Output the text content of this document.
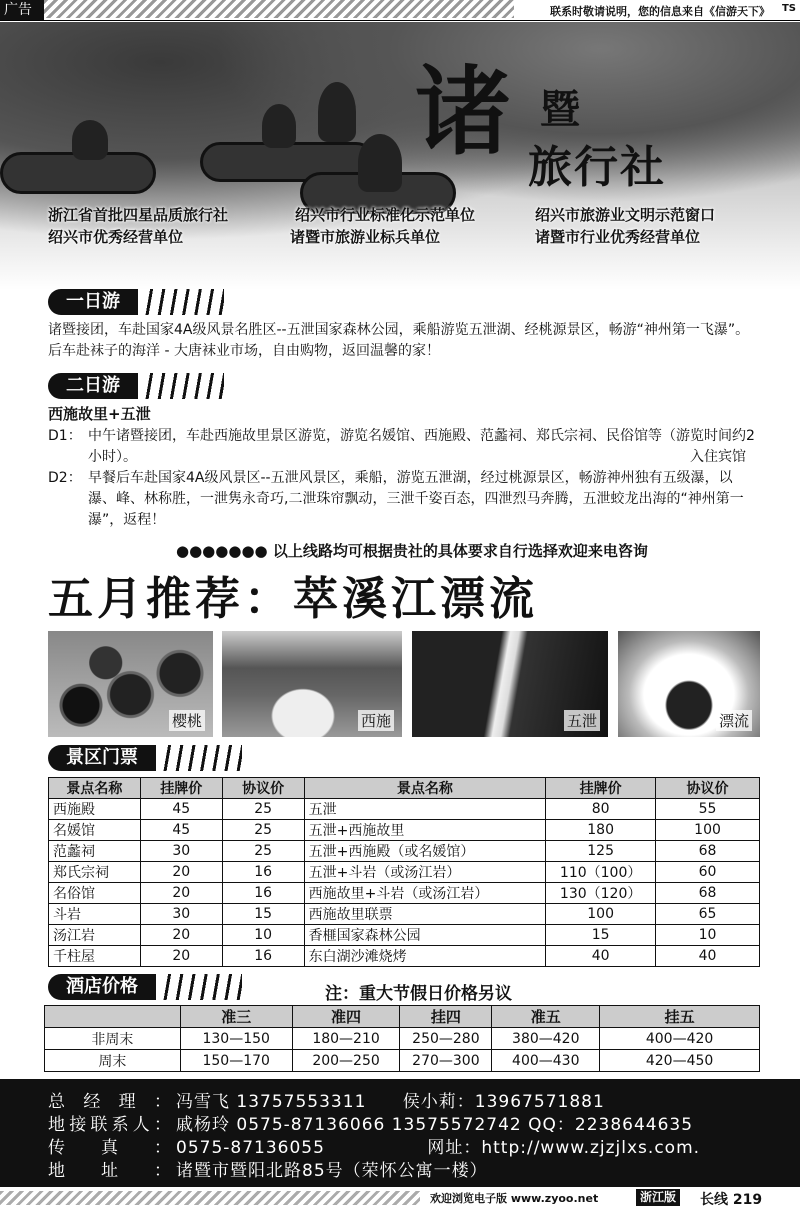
广告	联系时敬请说明，您的信息来自《信游天下》 TS
诸 暨
旅行社
浙江省首批四星品质旅行社
绍兴市优秀经营单位
绍兴市行业标准化示范单位
诸暨市旅游业标兵单位
绍兴市旅游业文明示范窗口
诸暨市行业优秀经营单位
一日游
诸暨接团，车赴国家4A级风景名胜区--五泄国家森林公园，乘船游览五泄湖、经桃源景区，畅游“神州第一飞瀑”。后车赴袜子的海洋 - 大唐袜业市场，自由购物，返回温馨的家！
二日游
西施故里+五泄
D1： 中午诸暨接团，车赴西施故里景区游览，游览名媛馆、西施殿、范蠡祠、郑氏宗祠、民俗馆等（游览时间约2小时）。	入住宾馆
D2： 早餐后车赴国家4A级风景区--五泄风景区，乘船，游览五泄湖，经过桃源景区，畅游神州独有五级瀑，以瀑、峰、林称胜，一泄隽永奇巧,二泄珠帘飘动，三泄千姿百态，四泄烈马奔腾，五泄蛟龙出海的“神州第一瀑”，返程！
●●●●●●● 以上线路均可根据贵社的具体要求自行选择欢迎来电咨询
五月推荐：萃溪江漂流
樱桃	西施	五泄	漂流
景区门票
景点名称	挂牌价	协议价	景点名称	挂牌价	协议价
西施殿	45	25	五泄	80	55
名媛馆	45	25	五泄+西施故里	180	100
范蠡祠	30	25	五泄+西施殿（或名媛馆）	125	68
郑氏宗祠	20	16	五泄+斗岩（或汤江岩）	110（100）	60
名俗馆	20	16	西施故里+斗岩（或汤江岩）	130（120）	68
斗岩	30	15	西施故里联票	100	65
汤江岩	20	10	香榧国家森林公园	15	10
千柱屋	20	16	东白湖沙滩烧烤	40	40
酒店价格	注：重大节假日价格另议
	准三	准四	挂四	准五	挂五
非周末	130—150	180—210	250—280	380—420	400—420
周末	150—170	200—250	270—300	400—430	420—450
总经理： 冯雪飞 13757553311 侯小莉：13967571881
地接联系人： 戚杨玲 0575-87136066 13575572742 QQ：2238644635
传真： 0575-87136055	网址：http://www.zjzjlxs.com.
地址： 诸暨市暨阳北路85号（荣怀公寓一楼）
欢迎浏览电子版 www.zyoo.net	浙江版 长线 219
